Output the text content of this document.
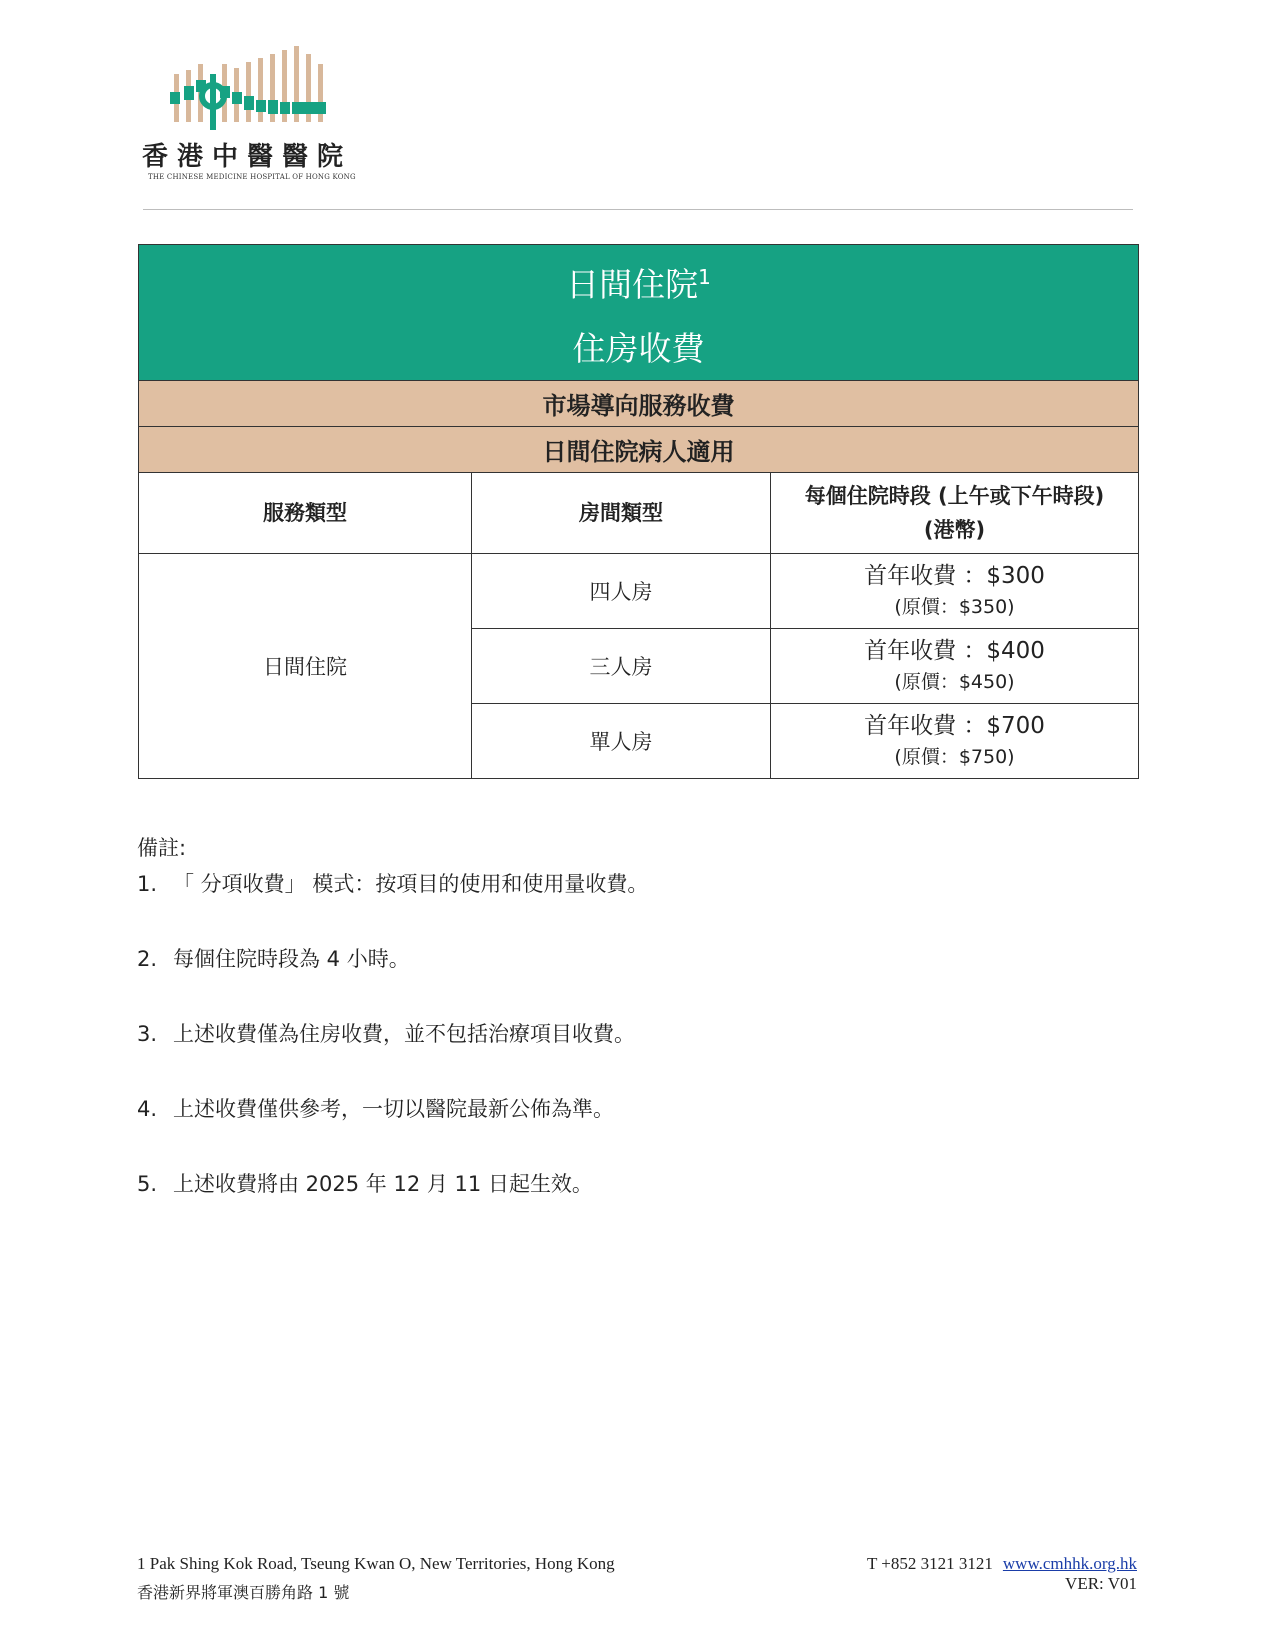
香港中醫醫院
THE CHINESE MEDICINE HOSPITAL OF HONG KONG
日間住院$^1$
住房收費		

市場導向服務收費		
日間住院病人適用		
服務類型	房間類型	每個住院時段 (上午或下午時段)
(港幣)

日間住院	四人房	首年收費 ：$300
(原價：$350)

	三人房	首年收費 ：$400
(原價：$450)

	單人房	首年收費 ：$700
(原價：$750)
備註:
1. 「 分項收費」 模式：按項目的使用和使用量收費。
2. 每個住院時段為 4 小時。
3. 上述收費僅為住房收費，並不包括治療項目收費。
4. 上述收費僅供參考，一切以醫院最新公佈為準。
5. 上述收費將由 2025 年 12 月 11 日起生效。
1 Pak Shing Kok Road, Tseung Kwan O, New Territories, Hong Kong
香港新界將軍澳百勝角路 1 號
T +852 3121 3121 www.cmhhk.org.hk
VER: V01
